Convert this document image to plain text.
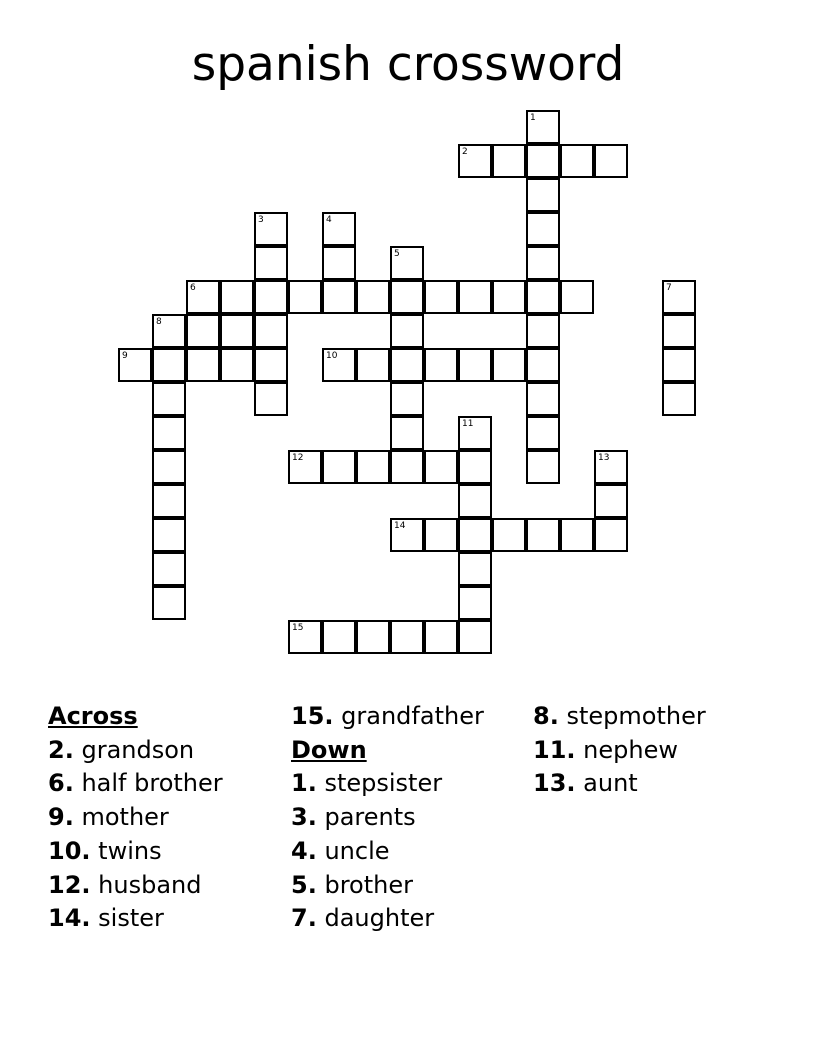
spanish crossword
1
2
3	4
5
6	7
8
9	10
11
12	13
14
15
Across
2. grandson
6. half brother
9. mother
10. twins
12. husband
14. sister
15. grandfather
Down
1. stepsister
3. parents
4. uncle
5. brother
7. daughter
8. stepmother
11. nephew
13. aunt
